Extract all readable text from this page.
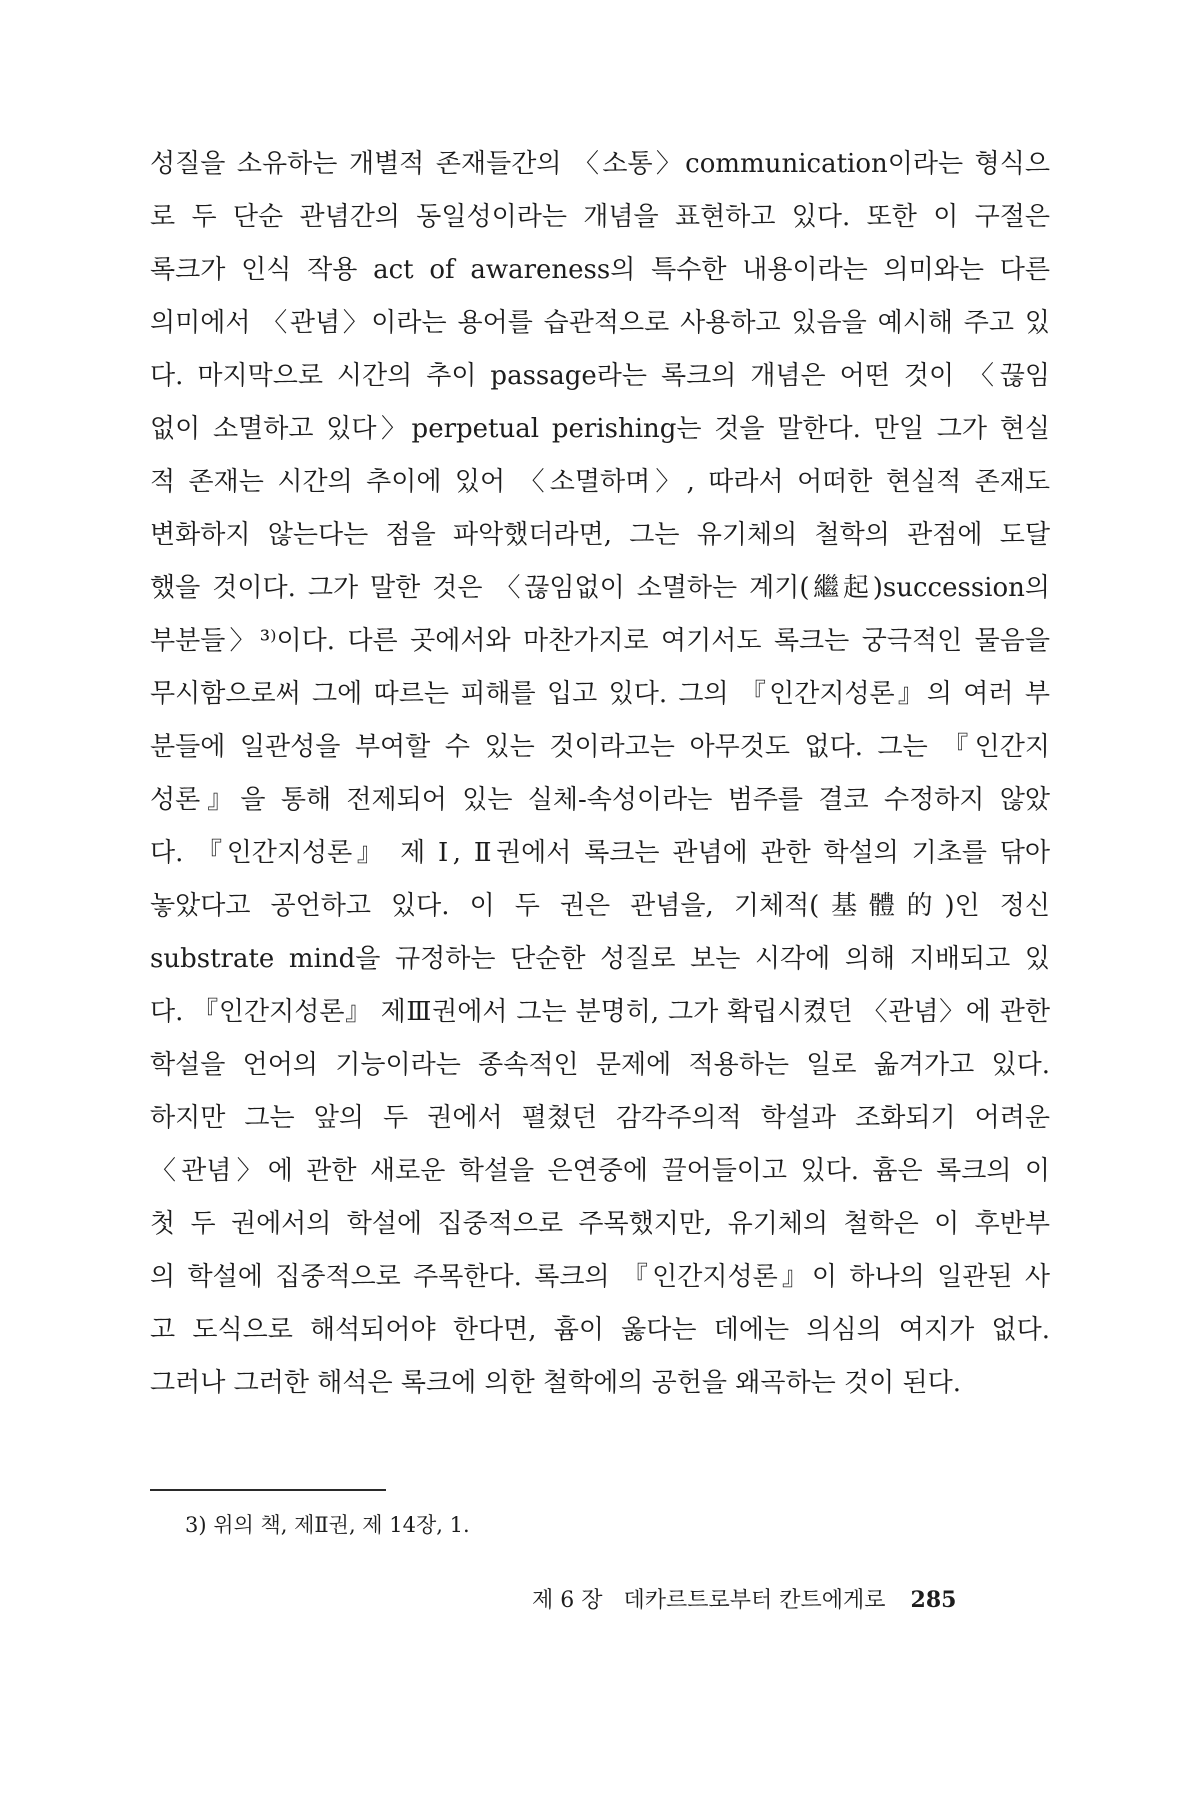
성질을 소유하는 개별적 존재들간의 〈소통〉communication이라는 형식으
로 두 단순 관념간의 동일성이라는 개념을 표현하고 있다. 또한 이 구절은
록크가 인식 작용 act of awareness의 특수한 내용이라는 의미와는 다른
의미에서 〈관념〉이라는 용어를 습관적으로 사용하고 있음을 예시해 주고 있
다. 마지막으로 시간의 추이 passage라는 록크의 개념은 어떤 것이 〈끊임
없이 소멸하고 있다〉perpetual perishing는 것을 말한다. 만일 그가 현실
적 존재는 시간의 추이에 있어 〈소멸하며〉, 따라서 어떠한 현실적 존재도
변화하지 않는다는 점을 파악했더라면, 그는 유기체의 철학의 관점에 도달
했을 것이다. 그가 말한 것은 〈끊임없이 소멸하는 계기(繼起)succession의
부분들〉³⁾이다. 다른 곳에서와 마찬가지로 여기서도 록크는 궁극적인 물음을
무시함으로써 그에 따르는 피해를 입고 있다. 그의 『인간지성론』의 여러 부
분들에 일관성을 부여할 수 있는 것이라고는 아무것도 없다. 그는 『인간지
성론』을 통해 전제되어 있는 실체-속성이라는 범주를 결코 수정하지 않았
다. 『인간지성론』 제 Ⅰ, Ⅱ권에서 록크는 관념에 관한 학설의 기초를 닦아
놓았다고 공언하고 있다. 이 두 권은 관념을, 기체적(基體的)인 정신
substrate mind을 규정하는 단순한 성질로 보는 시각에 의해 지배되고 있
다. 『인간지성론』 제Ⅲ권에서 그는 분명히, 그가 확립시켰던 〈관념〉에 관한
학설을 언어의 기능이라는 종속적인 문제에 적용하는 일로 옮겨가고 있다.
하지만 그는 앞의 두 권에서 펼쳤던 감각주의적 학설과 조화되기 어려운
〈관념〉에 관한 새로운 학설을 은연중에 끌어들이고 있다. 흄은 록크의 이
첫 두 권에서의 학설에 집중적으로 주목했지만, 유기체의 철학은 이 후반부
의 학설에 집중적으로 주목한다. 록크의 『인간지성론』이 하나의 일관된 사
고 도식으로 해석되어야 한다면, 흄이 옳다는 데에는 의심의 여지가 없다.
그러나 그러한 해석은 록크에 의한 철학에의 공헌을 왜곡하는 것이 된다.
3) 위의 책, 제Ⅱ권, 제 14장, 1.
제 6 장 데카르트로부터 칸트에게로 285
